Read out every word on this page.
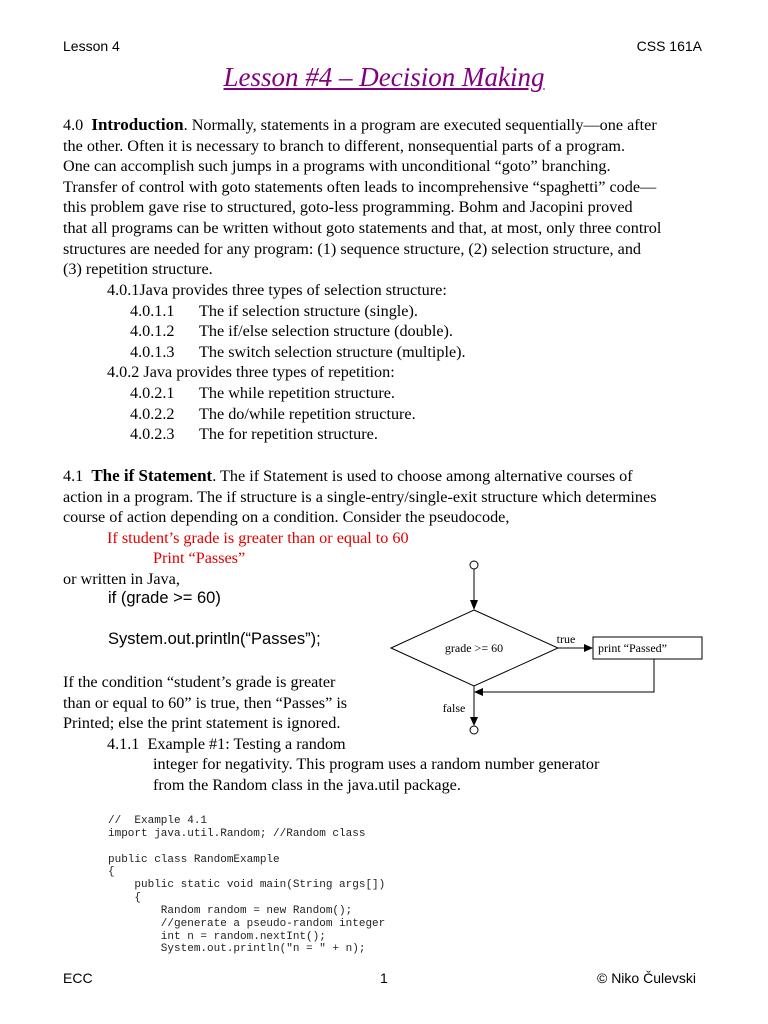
Lesson 4	CSS 161A
Lesson #4 – Decision Making
4.0 Introduction. Normally, statements in a program are executed sequentially—one after
the other. Often it is necessary to branch to different, nonsequential parts of a program.
One can accomplish such jumps in a programs with unconditional “goto” branching.
Transfer of control with goto statements often leads to incomprehensive “spaghetti” code—
this problem gave rise to structured, goto-less programming. Bohm and Jacopini proved
that all programs can be written without goto statements and that, at most, only three control
structures are needed for any program: (1) sequence structure, (2) selection structure, and
(3) repetition structure.
4.0.1Java provides three types of selection structure:
4.0.1.1 The if selection structure (single).
4.0.1.2 The if/else selection structure (double).
4.0.1.3 The switch selection structure (multiple).
4.0.2 Java provides three types of repetition:
4.0.2.1 The while repetition structure.
4.0.2.2 The do/while repetition structure.
4.0.2.3 The for repetition structure.
4.1 The if Statement. The if Statement is used to choose among alternative courses of
action in a program. The if structure is a single-entry/single-exit structure which determines
course of action depending on a condition. Consider the pseudocode,
If student’s grade is greater than or equal to 60
Print “Passes”
or written in Java,
if (grade >= 60)
System.out.println(“Passes”);
If the condition “student’s grade is greater
than or equal to 60” is true, then “Passes” is
Printed; else the print statement is ignored.
4.1.1 Example #1: Testing a random
integer for negativity. This program uses a random number generator
from the Random class in the java.util package.
grade >= 60
true
print “Passed”
false
//  Example 4.1
import java.util.Random; //Random class

public class RandomExample
{
public static void main(String args[])
{
Random random = new Random();
//generate a pseudo-random integer
int n = random.nextInt();
System.out.println("n = " + n);
ECC	1	© Niko Čulevski
